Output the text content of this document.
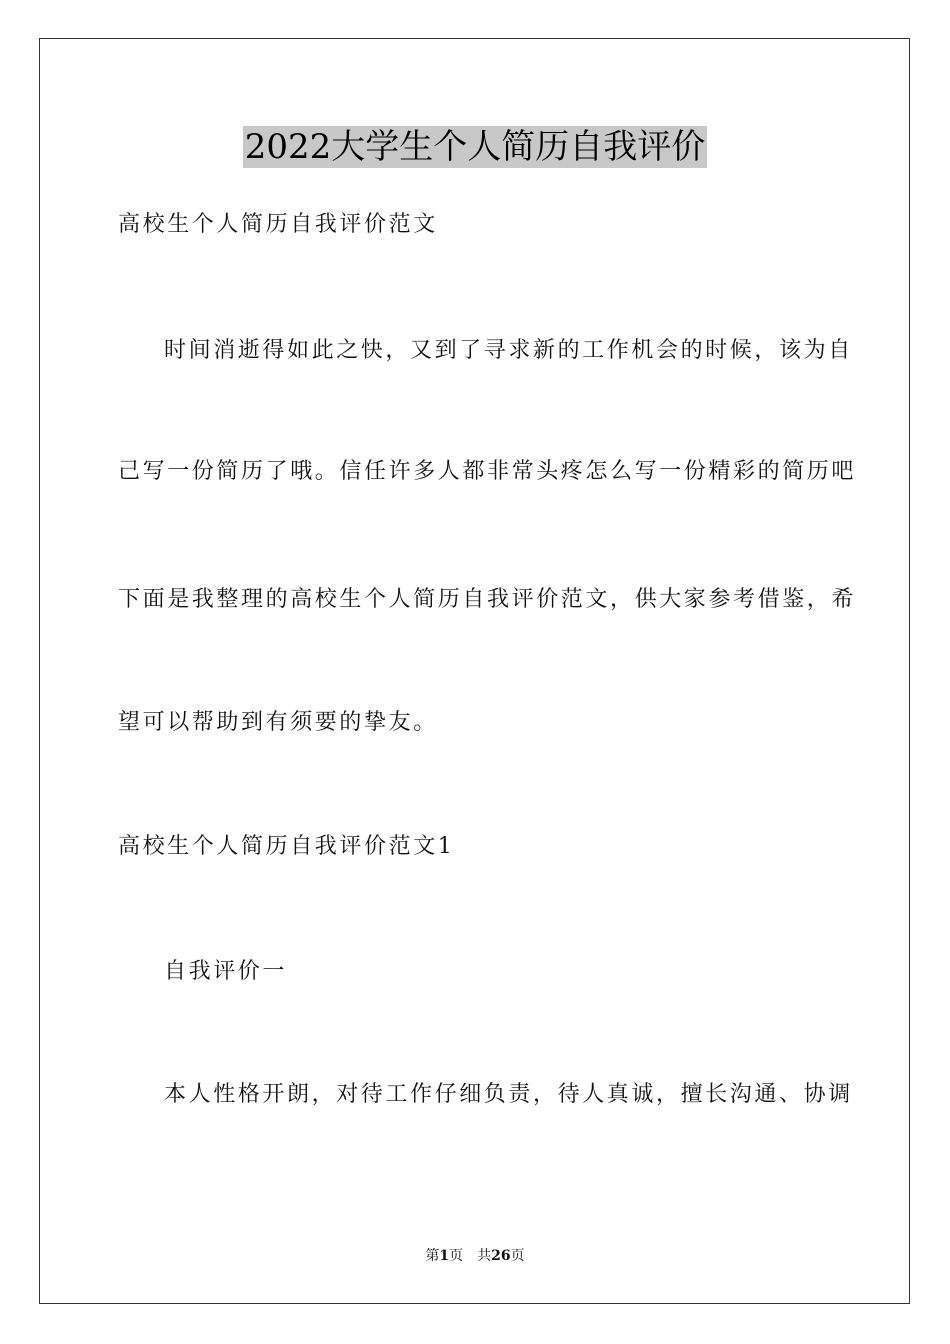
2022大学生个人简历自我评价
高校生个人简历自我评价范文
时间消逝得如此之快，又到了寻求新的工作机会的时候，该为自
己写一份简历了哦。信任许多人都非常头疼怎么写一份精彩的简历吧
下面是我整理的高校生个人简历自我评价范文，供大家参考借鉴，希
望可以帮助到有须要的挚友。
高校生个人简历自我评价范文1
自我评价一
本人性格开朗，对待工作仔细负责，待人真诚，擅长沟通、协调
第1页 共26页
